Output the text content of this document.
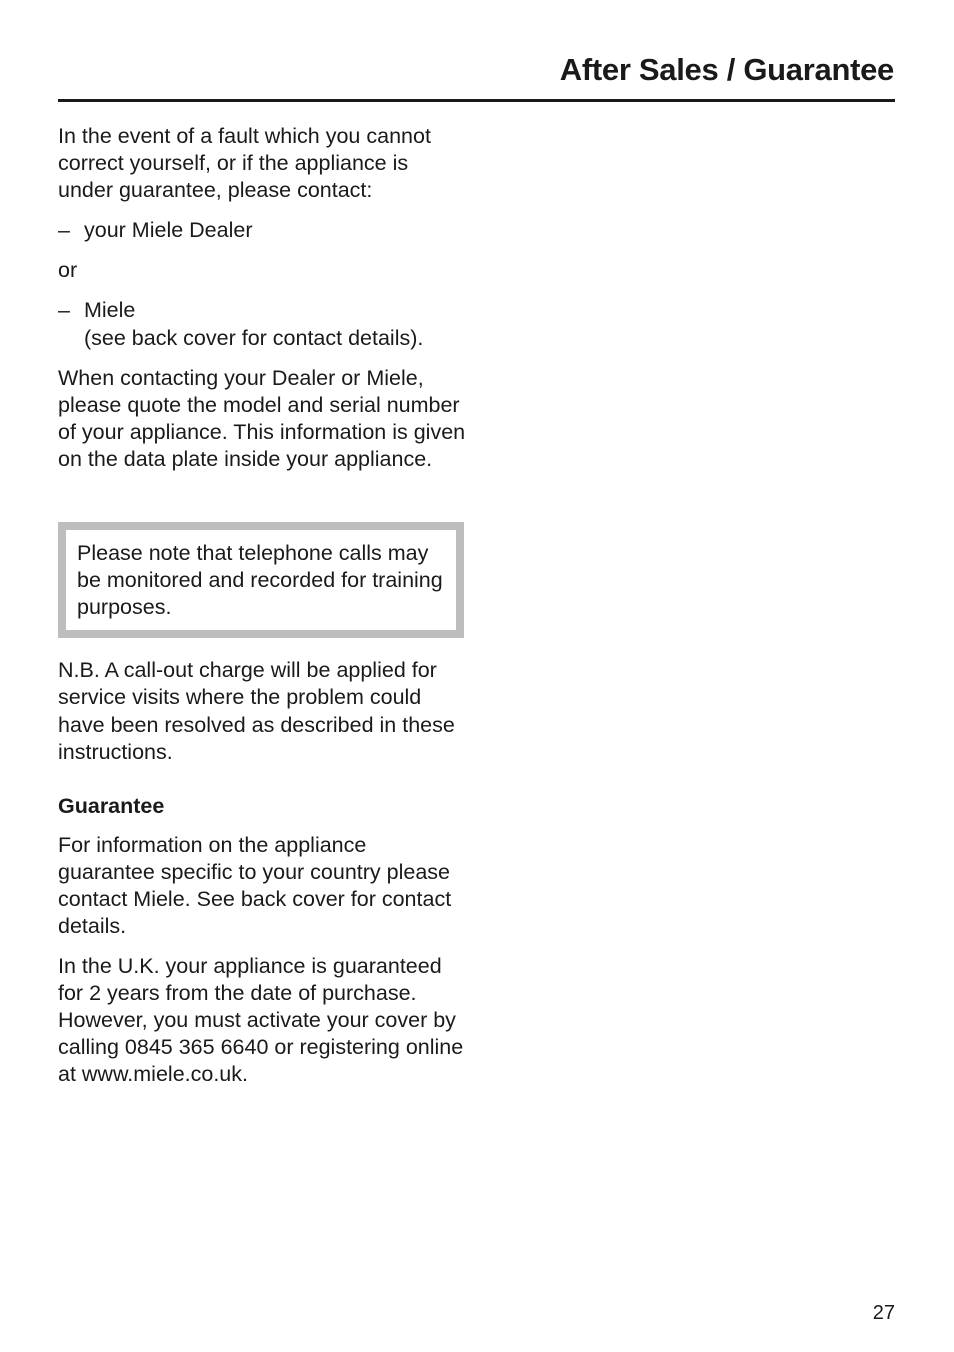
After Sales / Guarantee

In the event of a fault which you cannot correct yourself, or if the appliance is under guarantee, please contact:

– your Miele Dealer

or

– Miele
(see back cover for contact details).

When contacting your Dealer or Miele, please quote the model and serial number of your appliance. This information is given on the data plate inside your appliance.

Please note that telephone calls may be monitored and recorded for training purposes.

N.B. A call-out charge will be applied for service visits where the problem could have been resolved as described in these instructions.

Guarantee

For information on the appliance guarantee specific to your country please contact Miele. See back cover for contact details.

In the U.K. your appliance is guaranteed for 2 years from the date of purchase. However, you must activate your cover by calling 0845 365 6640 or registering online at www.miele.co.uk.

27
